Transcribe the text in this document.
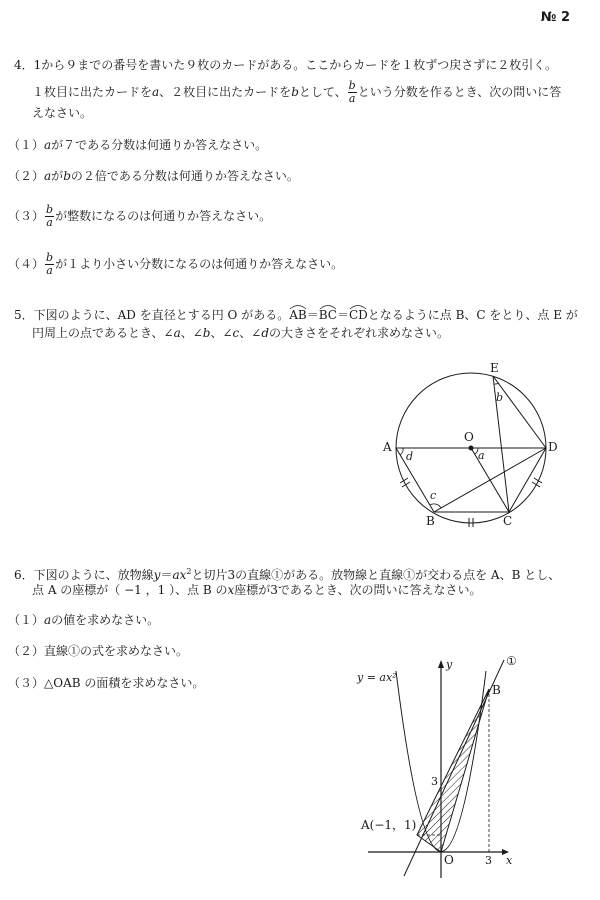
№ 2
4．1から９までの番号を書いた９枚のカードがある。ここからカードを１枚ずつ戻さずに２枚引く。
１枚目に出たカードをa、２枚目に出たカードをbとして、 $\frac{b}{a}$ という分数を作るとき、次の問いに答
えなさい。
（１）aが７である分数は何通りか答えなさい。
（２）aがbの２倍である分数は何通りか答えなさい。
$(3) \frac{b}{a}$ が整数になるのは何通りか答えなさい。
$(4) \frac{b}{a}$ が１より小さい分数になるのは何通りか答えなさい。
5．下図のように、AD を直径とする円 O がある。
AB＝
BC＝
CDとなるように点 B、C をとり、点 E が
円周上の点であるとき、∠a、∠b、∠c、∠dの大きさをそれぞれ求めなさい。
E
A	D
O
B	C
a
b
c
d
6．下図のように、放物線$y=ax^2$と切片3の直線①がある。放物線と直線①が交わる点を A、B とし、
点 A の座標が（ −1 ，1 ）、点 B のx座標が3であるとき、次の問いに答えなさい。
（１）aの値を求めなさい。
（２）直線①の式を求めなさい。
（３）△OAB の面積を求めなさい。	y = ax²
①
y
x
O
B
A(−1，1)
3
3
